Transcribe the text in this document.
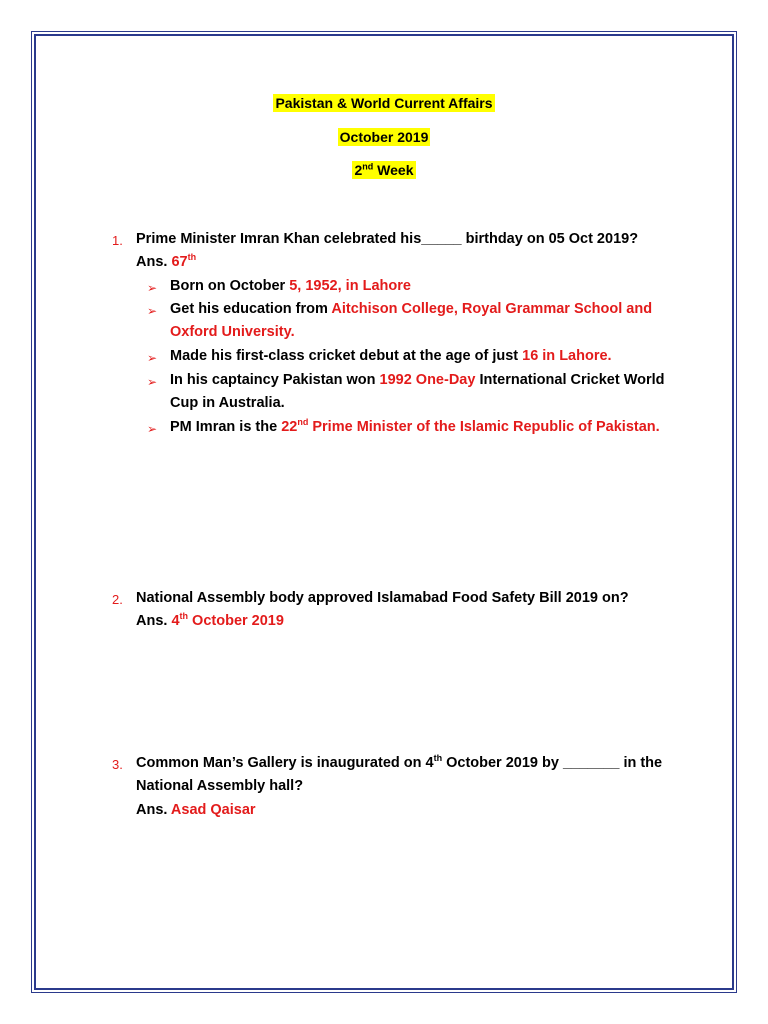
Pakistan & World Current Affairs
October 2019
2nd Week
1. Prime Minister Imran Khan celebrated his_____ birthday on 05 Oct 2019?
Ans. 67th
➢ Born on October 5, 1952, in Lahore
➢ Get his education from Aitchison College, Royal Grammar School and
Oxford University.
➢ Made his first-class cricket debut at the age of just 16 in Lahore.
➢ In his captaincy Pakistan won 1992 One-Day International Cricket World
Cup in Australia.
➢ PM Imran is the 22nd Prime Minister of the Islamic Republic of Pakistan.
2. National Assembly body approved Islamabad Food Safety Bill 2019 on?
Ans. 4th October 2019
3. Common Man’s Gallery is inaugurated on 4th October 2019 by _______ in the
National Assembly hall?
Ans. Asad Qaisar
